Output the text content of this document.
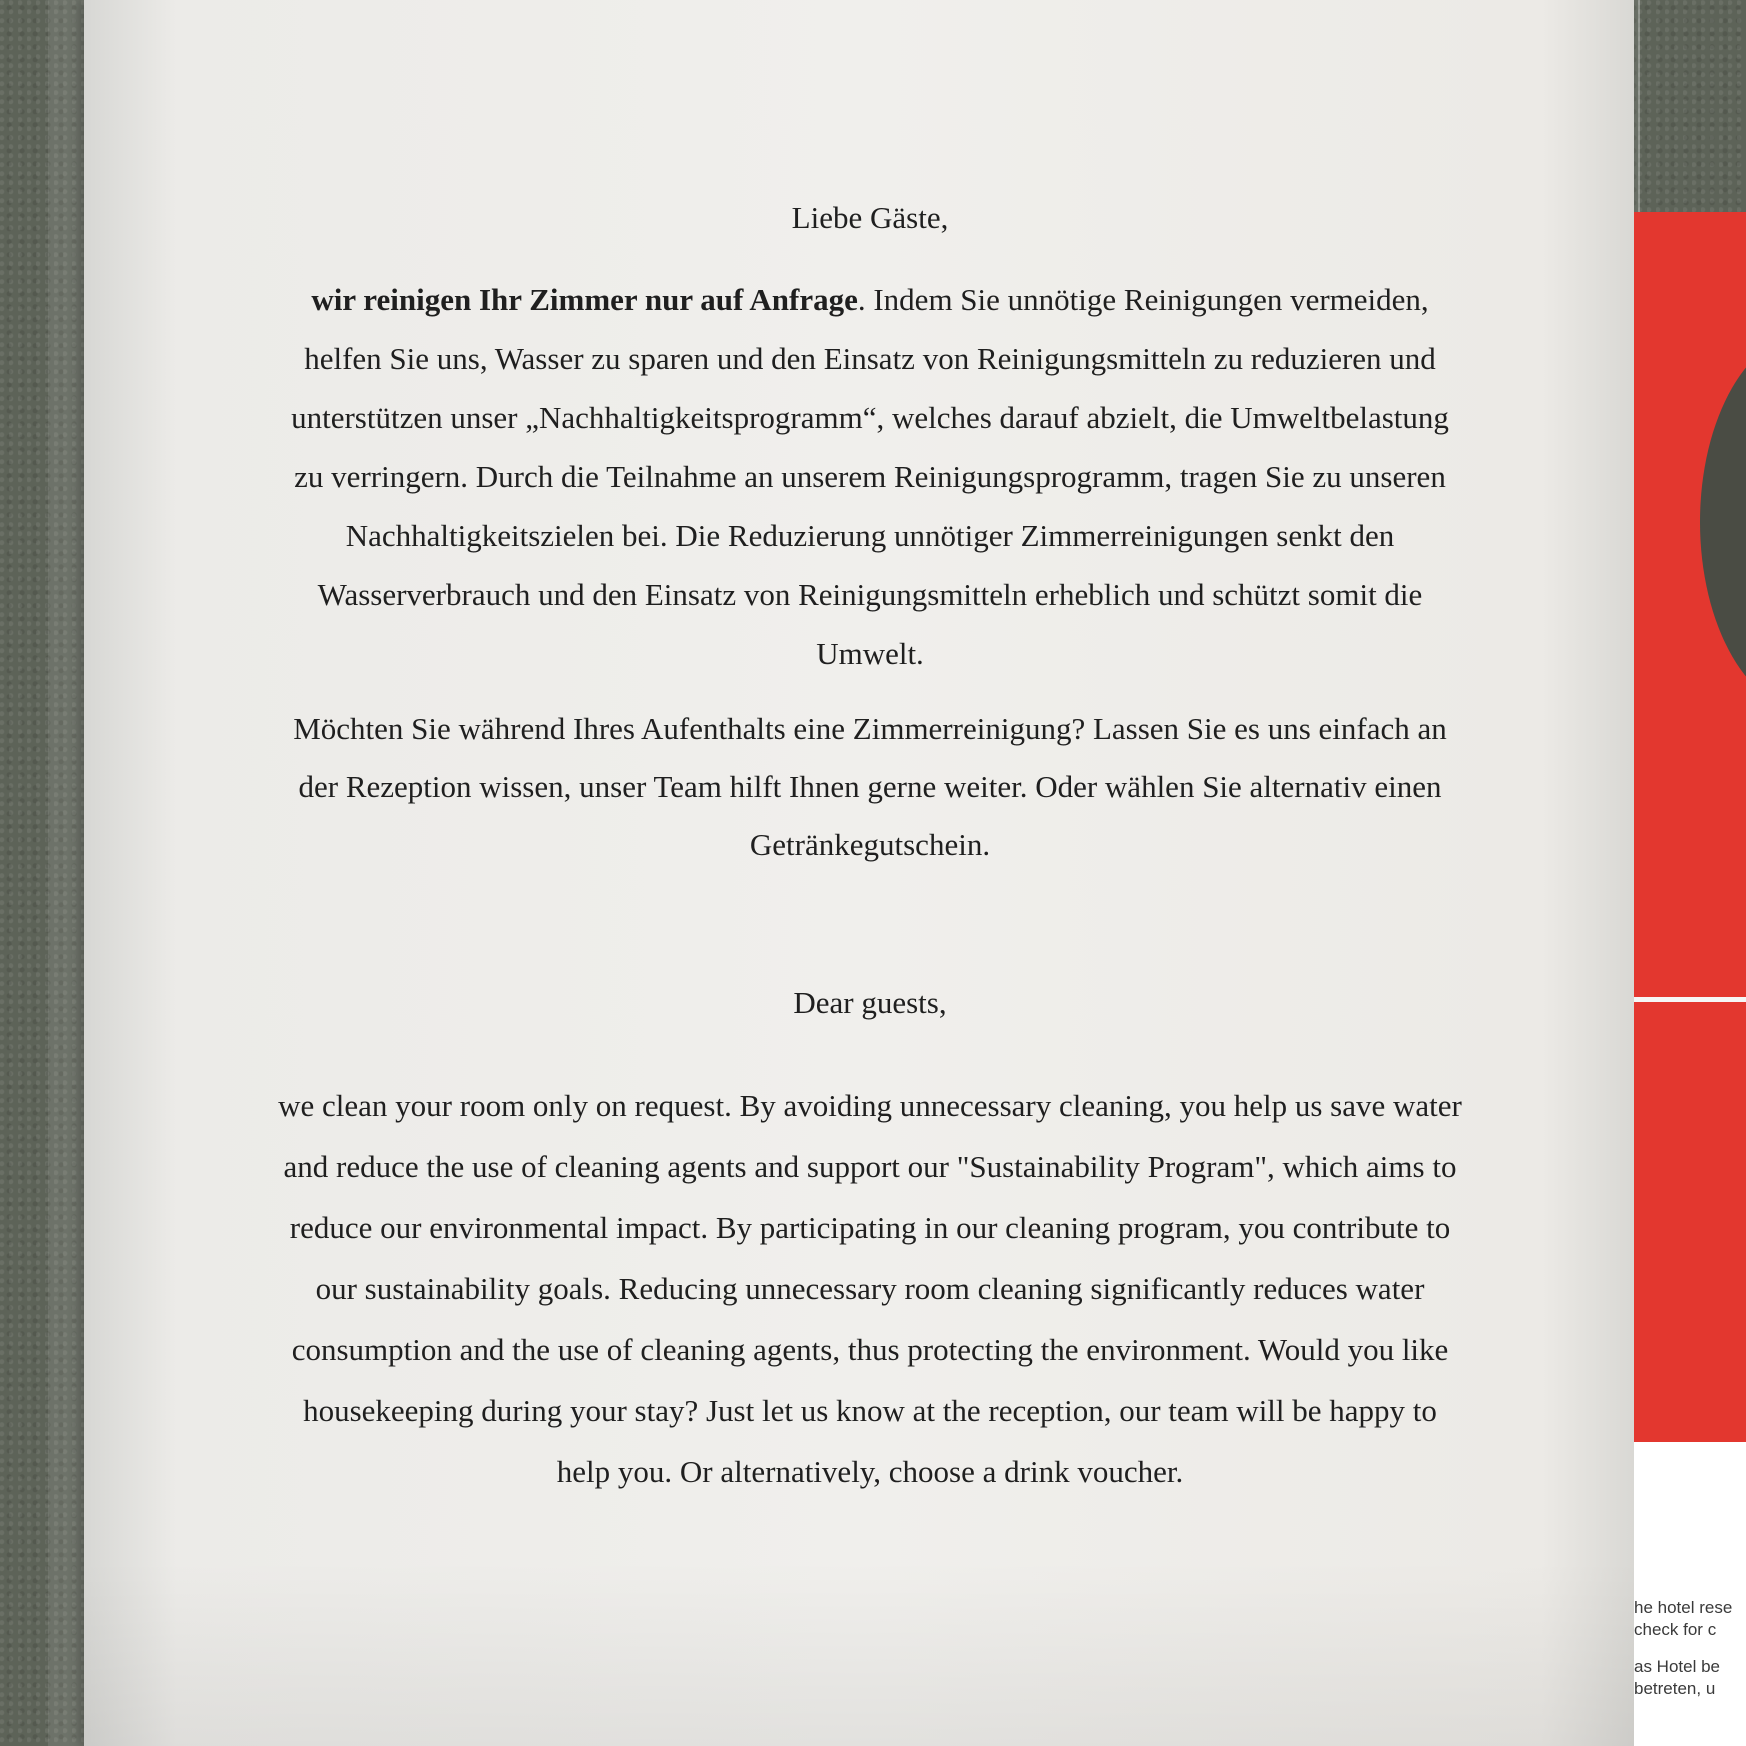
he hotel rese
check for c
as Hotel be
betreten, u
Liebe Gäste,
wir reinigen Ihr Zimmer nur auf Anfrage. Indem Sie unnötige Reinigungen vermeiden,
helfen Sie uns, Wasser zu sparen und den Einsatz von Reinigungsmitteln zu reduzieren und
unterstützen unser „Nachhaltigkeitsprogramm“, welches darauf abzielt, die Umweltbelastung
zu verringern. Durch die Teilnahme an unserem Reinigungsprogramm, tragen Sie zu unseren
Nachhaltigkeitszielen bei. Die Reduzierung unnötiger Zimmerreinigungen senkt den
Wasserverbrauch und den Einsatz von Reinigungsmitteln erheblich und schützt somit die
Umwelt.
Möchten Sie während Ihres Aufenthalts eine Zimmerreinigung? Lassen Sie es uns einfach an
der Rezeption wissen, unser Team hilft Ihnen gerne weiter. Oder wählen Sie alternativ einen
Getränkegutschein.
Dear guests,
we clean your room only on request. By avoiding unnecessary cleaning, you help us save water
and reduce the use of cleaning agents and support our "Sustainability Program", which aims to
reduce our environmental impact. By participating in our cleaning program, you contribute to
our sustainability goals. Reducing unnecessary room cleaning significantly reduces water
consumption and the use of cleaning agents, thus protecting the environment. Would you like
housekeeping during your stay? Just let us know at the reception, our team will be happy to
help you. Or alternatively, choose a drink voucher.
